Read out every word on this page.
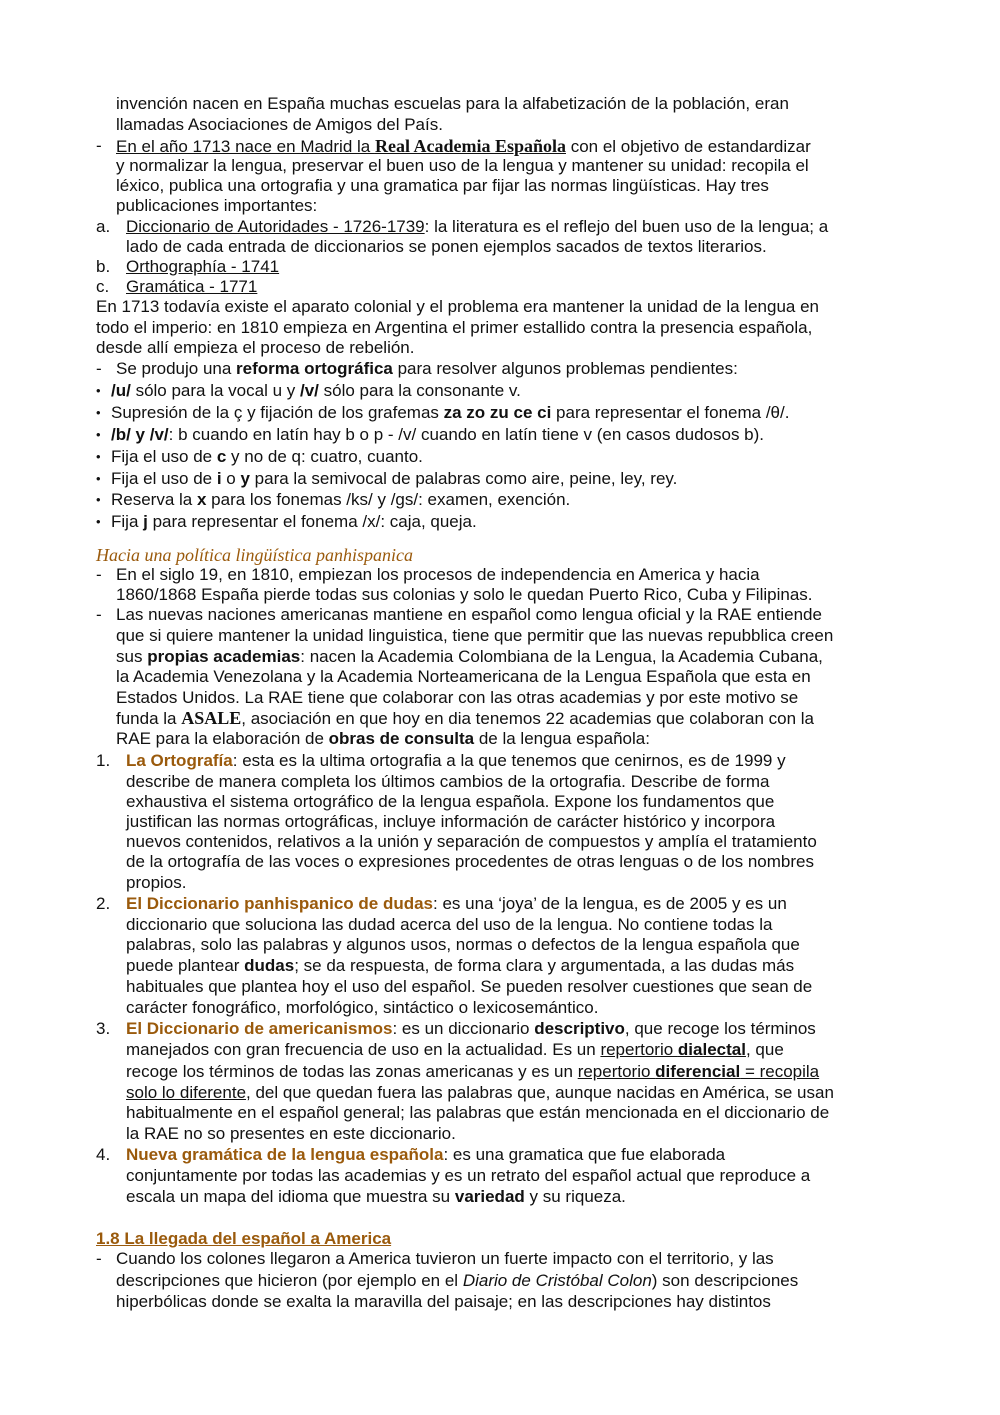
invención nacen en España muchas escuelas para la alfabetización de la población, eran
llamadas Asociaciones de Amigos del País.
- En el año 1713 nace en Madrid la Real Academia Española con el objetivo de estandardizar
y normalizar la lengua, preservar el buen uso de la lengua y mantener su unidad: recopila el
léxico, publica una ortografia y una gramatica par fijar las normas lingüísticas. Hay tres
publicaciones importantes:
a. Diccionario de Autoridades - 1726-1739: la literatura es el reflejo del buen uso de la lengua; a
lado de cada entrada de diccionarios se ponen ejemplos sacados de textos literarios.
b. Orthographía - 1741
c. Gramática - 1771
En 1713 todavía existe el aparato colonial y el problema era mantener la unidad de la lengua en
todo el imperio: en 1810 empieza en Argentina el primer estallido contra la presencia española,
desde allí empieza el proceso de rebelión.
- Se produjo una reforma ortográfica para resolver algunos problemas pendientes:
• /u/ sólo para la vocal u y /v/ sólo para la consonante v.
• Supresión de la ç y fijación de los grafemas za zo zu ce ci para representar el fonema /θ/.
• /b/ y /v/: b cuando en latín hay b o p - /v/ cuando en latín tiene v (en casos dudosos b).
• Fija el uso de c y no de q: cuatro, cuanto.
• Fija el uso de i o y para la semivocal de palabras como aire, peine, ley, rey.
• Reserva la x para los fonemas /ks/ y /gs/: examen, exención.
• Fija j para representar el fonema /x/: caja, queja.
Hacia una política lingüística panhispanica
- En el siglo 19, en 1810, empiezan los procesos de independencia en America y hacia
1860/1868 España pierde todas sus colonias y solo le quedan Puerto Rico, Cuba y Filipinas.
- Las nuevas naciones americanas mantiene en español como lengua oficial y la RAE entiende
que si quiere mantener la unidad linguistica, tiene que permitir que las nuevas repubblica creen
sus propias academias: nacen la Academia Colombiana de la Lengua, la Academia Cubana,
la Academia Venezolana y la Academia Norteamericana de la Lengua Española que esta en
Estados Unidos. La RAE tiene que colaborar con las otras academias y por este motivo se
funda la ASALE, asociación en que hoy en dia tenemos 22 academias que colaboran con la
RAE para la elaboración de obras de consulta de la lengua española:
1. La Ortografía: esta es la ultima ortografia a la que tenemos que cenirnos, es de 1999 y
describe de manera completa los últimos cambios de la ortografia. Describe de forma
exhaustiva el sistema ortográfico de la lengua española. Expone los fundamentos que
justifican las normas ortográficas, incluye información de carácter histórico y incorpora
nuevos contenidos, relativos a la unión y separación de compuestos y amplía el tratamiento
de la ortografía de las voces o expresiones procedentes de otras lenguas o de los nombres
propios.
2. El Diccionario panhispanico de dudas: es una ‘joya’ de la lengua, es de 2005 y es un
diccionario que soluciona las dudad acerca del uso de la lengua. No contiene todas la
palabras, solo las palabras y algunos usos, normas o defectos de la lengua española que
puede plantear dudas; se da respuesta, de forma clara y argumentada, a las dudas más
habituales que plantea hoy el uso del español. Se pueden resolver cuestiones que sean de
carácter fonográfico, morfológico, sintáctico o lexicosemántico.
3. El Diccionario de americanismos: es un diccionario descriptivo, que recoge los términos
manejados con gran frecuencia de uso en la actualidad. Es un repertorio dialectal, que
recoge los términos de todas las zonas americanas y es un repertorio diferencial = recopila
solo lo diferente, del que quedan fuera las palabras que, aunque nacidas en América, se usan
habitualmente en el español general; las palabras que están mencionada en el diccionario de
la RAE no so presentes en este diccionario.
4. Nueva gramática de la lengua española: es una gramatica que fue elaborada
conjuntamente por todas las academias y es un retrato del español actual que reproduce a
escala un mapa del idioma que muestra su variedad y su riqueza.
1.8 La llegada del español a America
- Cuando los colones llegaron a America tuvieron un fuerte impacto con el territorio, y las
descripciones que hicieron (por ejemplo en el Diario de Cristóbal Colon) son descripciones
hiperbólicas donde se exalta la maravilla del paisaje; en las descripciones hay distintos
